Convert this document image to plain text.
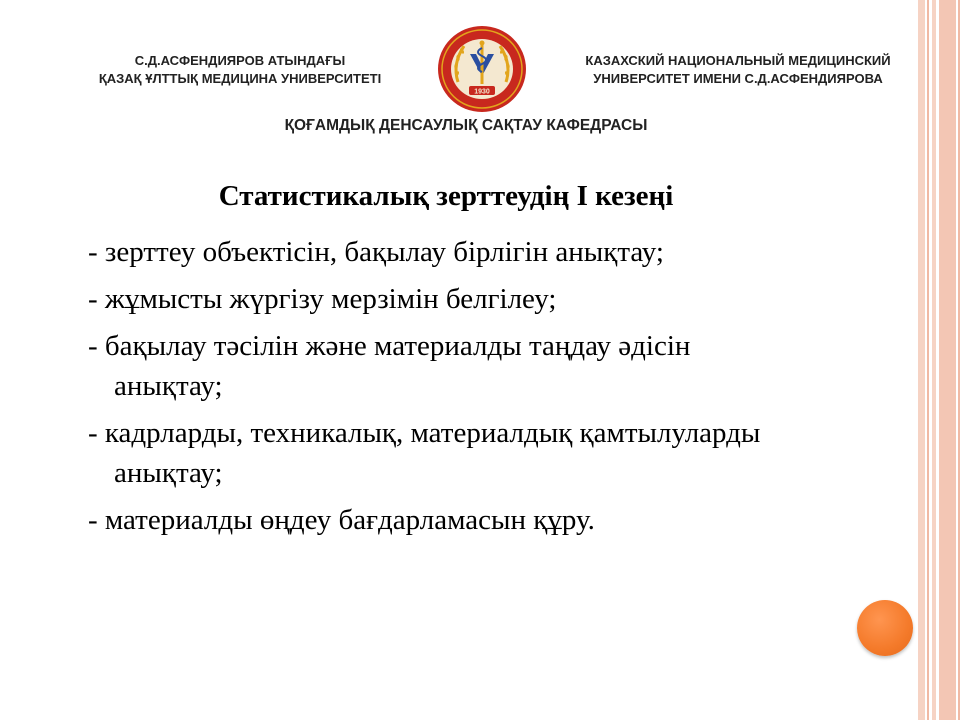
С.Д.АСФЕНДИЯРОВ АТЫНДАҒЫ
ҚАЗАҚ ҰЛТТЫҚ МЕДИЦИНА УНИВЕРСИТЕТІ
1930
КАЗАХСКИЙ НАЦИОНАЛЬНЫЙ МЕДИЦИНСКИЙ
УНИВЕРСИТЕТ ИМЕНИ С.Д.АСФЕНДИЯРОВА
ҚОҒАМДЫҚ ДЕНСАУЛЫҚ САҚТАУ КАФЕДРАСЫ
Статистикалық зерттеудің I кезеңі
- зерттеу объектісін, бақылау бірлігін анықтау;
- жұмысты жүргізу мерзімін белгілеу;
- бақылау тәсілін және материалды таңдау әдісін анықтау;
- кадрларды, техникалық, материалдық қамтылуларды анықтау;
- материалды өңдеу бағдарламасын құру.
